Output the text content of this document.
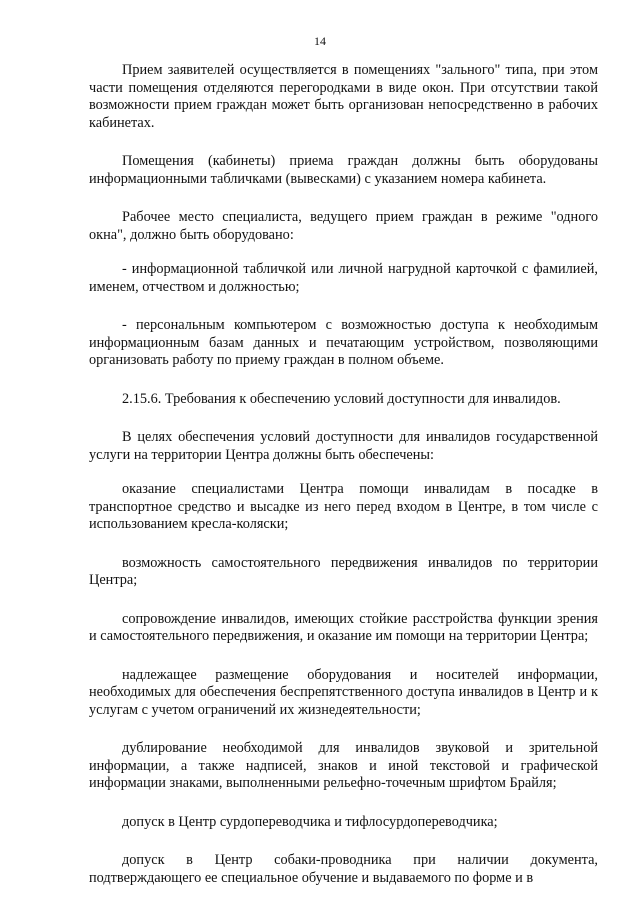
14

Прием заявителей осуществляется в помещениях "зального" типа, при этом части помещения отделяются перегородками в виде окон. При отсутствии такой возможности прием граждан может быть организован непосредственно в рабочих кабинетах.

Помещения (кабинеты) приема граждан должны быть оборудованы информационными табличками (вывесками) с указанием номера кабинета.

Рабочее место специалиста, ведущего прием граждан в режиме "одного окна", должно быть оборудовано:

- информационной табличкой или личной нагрудной карточкой с фамилией, именем, отчеством и должностью;

- персональным компьютером с возможностью доступа к необходимым информационным базам данных и печатающим устройством, позволяющими организовать работу по приему граждан в полном объеме.

2.15.6. Требования к обеспечению условий доступности для инвалидов.

В целях обеспечения условий доступности для инвалидов государственной услуги на территории Центра должны быть обеспечены:

оказание специалистами Центра помощи инвалидам в посадке в транспортное средство и высадке из него перед входом в Центре, в том числе с использованием кресла-коляски;

возможность самостоятельного передвижения инвалидов по территории Центра;

сопровождение инвалидов, имеющих стойкие расстройства функции зрения и самостоятельного передвижения, и оказание им помощи на территории Центра;

надлежащее размещение оборудования и носителей информации, необходимых для обеспечения беспрепятственного доступа инвалидов в Центр и к услугам с учетом ограничений их жизнедеятельности;

дублирование необходимой для инвалидов звуковой и зрительной информации, а также надписей, знаков и иной текстовой и графической информации знаками, выполненными рельефно-точечным шрифтом Брайля;

допуск в Центр сурдопереводчика и тифлосурдопереводчика;

допуск в Центр собаки-проводника при наличии документа, подтверждающего ее специальное обучение и выдаваемого по форме и в
